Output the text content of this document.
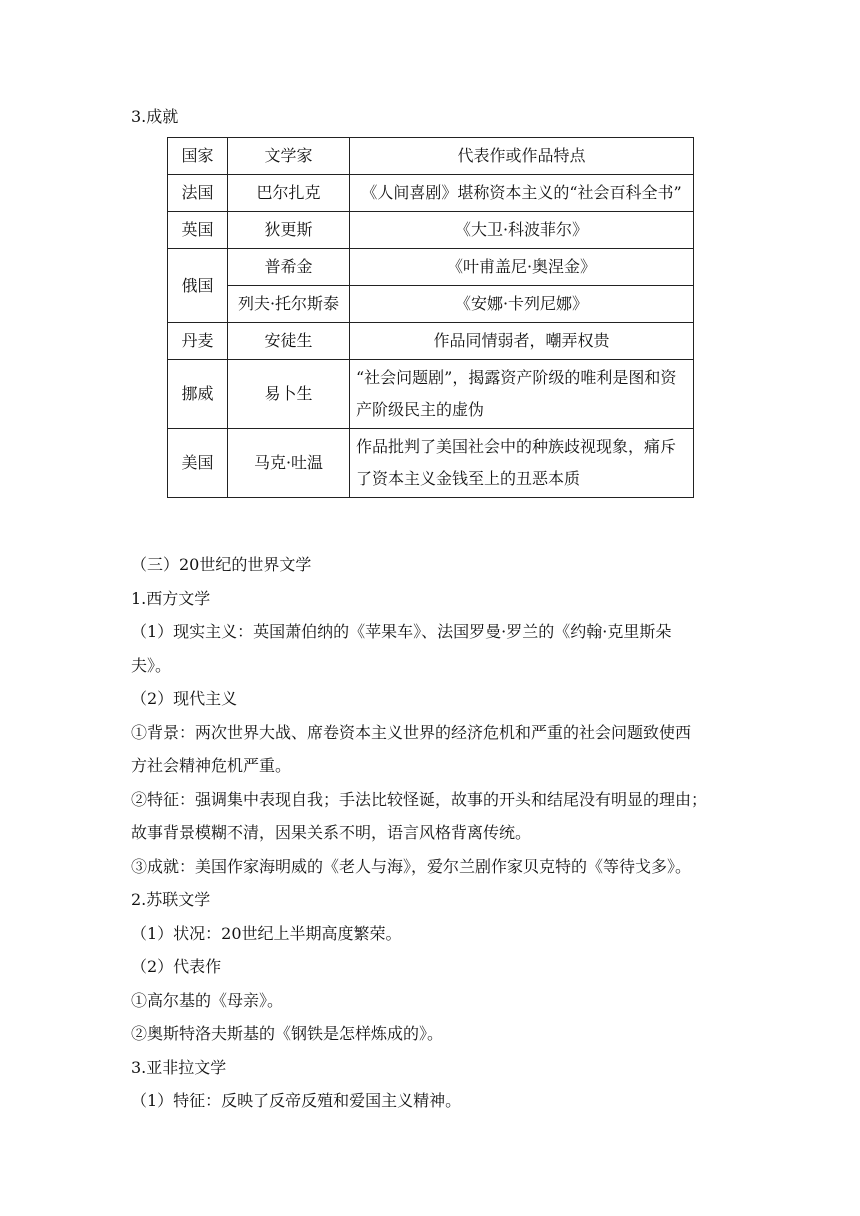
3.成就
国家	文学家	代表作或作品特点
法国	巴尔扎克	《人间喜剧》堪称资本主义的“社会百科全书”
英国	狄更斯	《大卫·科波菲尔》
俄国	普希金	《叶甫盖尼·奥涅金》
	列夫·托尔斯泰	《安娜·卡列尼娜》
丹麦	安徒生	作品同情弱者，嘲弄权贵
挪威	易卜生	“社会问题剧”，揭露资产阶级的唯利是图和资产阶级民主的虚伪
美国	马克·吐温	作品批判了美国社会中的种族歧视现象，痛斥了资本主义金钱至上的丑恶本质
（三）20世纪的世界文学
1.西方文学
（1）现实主义：英国萧伯纳的《苹果车》、法国罗曼·罗兰的《约翰·克里斯朵
夫》。
（2）现代主义
①背景：两次世界大战、席卷资本主义世界的经济危机和严重的社会问题致使西
方社会精神危机严重。
②特征：强调集中表现自我；手法比较怪诞，故事的开头和结尾没有明显的理由；
故事背景模糊不清，因果关系不明，语言风格背离传统。
③成就：美国作家海明威的《老人与海》，爱尔兰剧作家贝克特的《等待戈多》。
2.苏联文学
（1）状况：20世纪上半期高度繁荣。
（2）代表作
①高尔基的《母亲》。
②奥斯特洛夫斯基的《钢铁是怎样炼成的》。
3.亚非拉文学
（1）特征：反映了反帝反殖和爱国主义精神。
